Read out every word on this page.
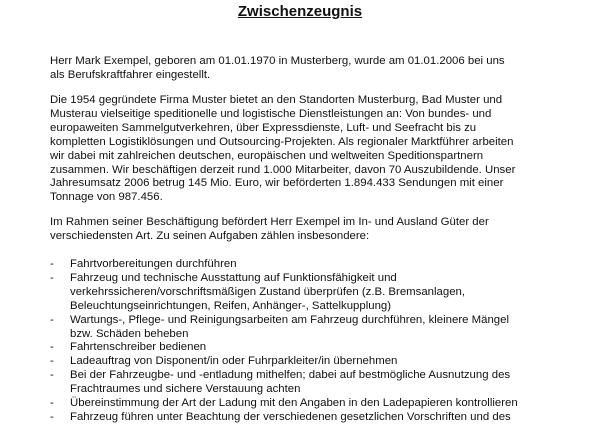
Zwischenzeugnis

Herr Mark Exempel, geboren am 01.01.1970 in Musterberg, wurde am 01.01.2006 bei uns
als Berufskraftfahrer eingestellt.

Die 1954 gegründete Firma Muster bietet an den Standorten Musterburg, Bad Muster und
Musterau vielseitige speditionelle und logistische Dienstleistungen an: Von bundes- und
europaweiten Sammelgutverkehren, über Expressdienste, Luft- und Seefracht bis zu
kompletten Logistiklösungen und Outsourcing-Projekten. Als regionaler Marktführer arbeiten
wir dabei mit zahlreichen deutschen, europäischen und weltweiten Speditionspartnern
zusammen. Wir beschäftigen derzeit rund 1.000 Mitarbeiter, davon 70 Auszubildende. Unser
Jahresumsatz 2006 betrug 145 Mio. Euro, wir beförderten 1.894.433 Sendungen mit einer
Tonnage von 987.456.

Im Rahmen seiner Beschäftigung befördert Herr Exempel im In- und Ausland Güter der
verschiedensten Art. Zu seinen Aufgaben zählen insbesondere:

- Fahrtvorbereitungen durchführen
- Fahrzeug und technische Ausstattung auf Funktionsfähigkeit und
verkehrssicheren/vorschriftsmäßigen Zustand überprüfen (z.B. Bremsanlagen,
Beleuchtungseinrichtungen, Reifen, Anhänger-, Sattelkupplung)
- Wartungs-, Pflege- und Reinigungsarbeiten am Fahrzeug durchführen, kleinere Mängel
bzw. Schäden beheben
- Fahrtenschreiber bedienen
- Ladeauftrag von Disponent/in oder Fuhrparkleiter/in übernehmen
- Bei der Fahrzeugbe- und -entladung mithelfen; dabei auf bestmögliche Ausnutzung des
Frachtraumes und sichere Verstauung achten
- Übereinstimmung der Art der Ladung mit den Angaben in den Ladepapieren kontrollieren
- Fahrzeug führen unter Beachtung der verschiedenen gesetzlichen Vorschriften und des
